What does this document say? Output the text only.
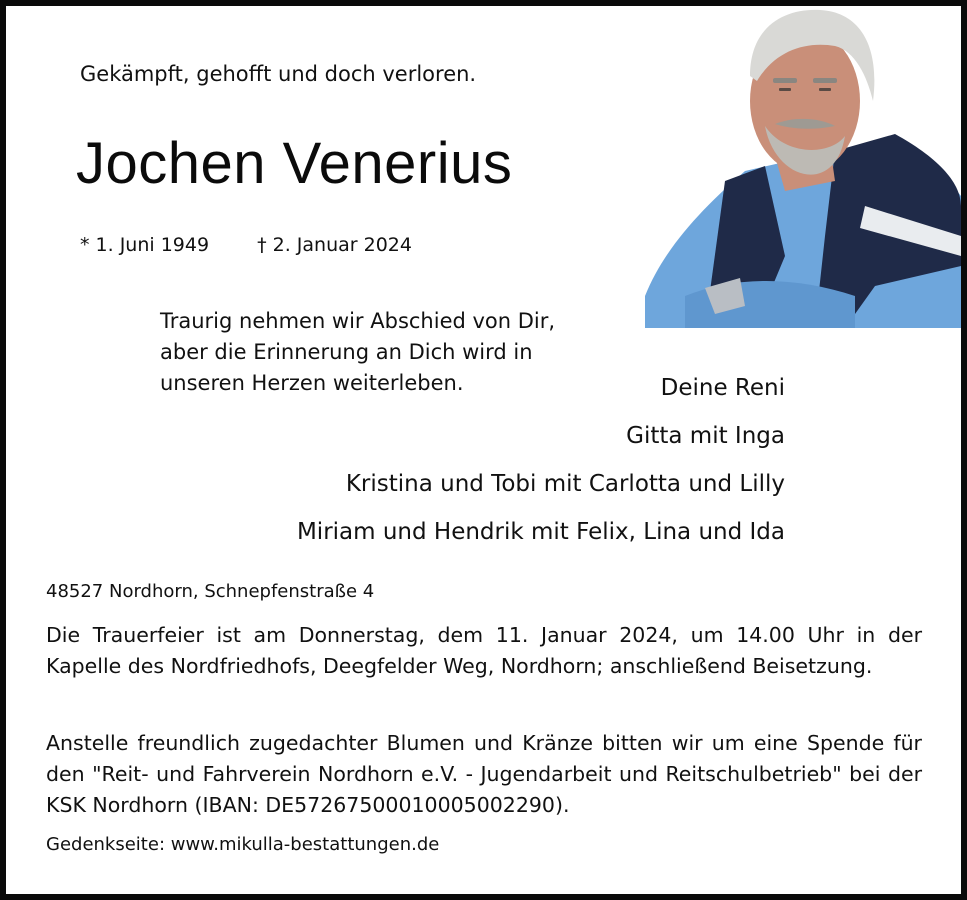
Gekämpft, gehofft und doch verloren.
Jochen Venerius
* 1. Juni 1949	† 2. Januar 2024
Traurig nehmen wir Abschied von Dir,
aber die Erinnerung an Dich wird in
unseren Herzen weiterleben.	Deine Reni
Gitta mit Inga
Kristina und Tobi mit Carlotta und Lilly
Miriam und Hendrik mit Felix, Lina und Ida
48527 Nordhorn, Schnepfenstraße 4
Die Trauerfeier ist am Donnerstag, dem 11. Januar 2024, um 14.00 Uhr in der Kapelle des Nordfriedhofs, Deegfelder Weg, Nordhorn; anschließend Beisetzung.
Anstelle freundlich zugedachter Blumen und Kränze bitten wir um eine Spende für den "Reit- und Fahrverein Nordhorn e.V. - Jugendarbeit und Reitschulbetrieb" bei der KSK Nordhorn (IBAN: DE57267500010005002290).
Gedenkseite: www.mikulla-bestattungen.de
